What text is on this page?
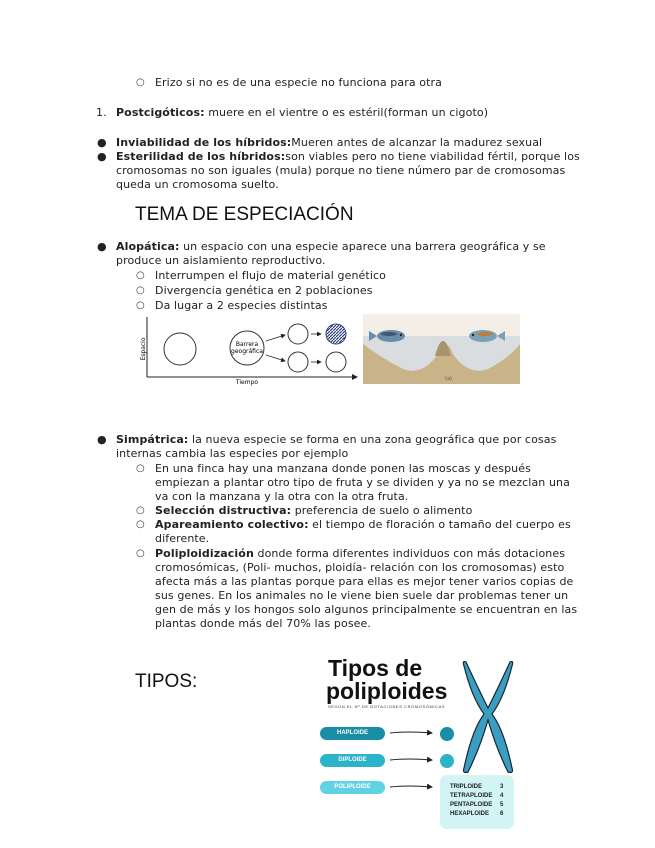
○ Erizo si no es de una especie no funciona para otra
1. Postcigóticos: muere en el vientre o es estéril(forman un cigoto)
● Inviabilidad de los híbridos:Mueren antes de alcanzar la madurez sexual
● Esterilidad de los híbridos:son viables pero no tiene viabilidad fértil, porque los
cromosomas no son iguales (mula) porque no tiene número par de cromosomas
queda un cromosoma suelto.
TEMA DE ESPECIACIÓN
● Alopática: un espacio con una especie aparece una barrera geográfica y se
produce un aislamiento reproductivo.
○ Interrumpen el flujo de material genético
○ Divergencia genética en 2 poblaciones
○ Da lugar a 2 especies distintas
Espacio
Tiempo
Barrera
geográfica
(a)
● Simpátrica: la nueva especie se forma en una zona geográfica que por cosas
internas cambia las especies por ejemplo
○ En una finca hay una manzana donde ponen las moscas y después
empiezan a plantar otro tipo de fruta y se dividen y ya no se mezclan una
va con la manzana y la otra con la otra fruta.
○ Selección distructiva: preferencia de suelo o alimento
○ Apareamiento colectivo: el tiempo de floración o tamaño del cuerpo es
diferente.
○ Poliploidización donde forma diferentes individuos con más dotaciones
cromosómicas, (Poli- muchos, ploidía- relación con los cromosomas) esto
afecta más a las plantas porque para ellas es mejor tener varios copias de
sus genes. En los animales no le viene bien suele dar problemas tener un
gen de más y los hongos solo algunos principalmente se encuentran en las
plantas donde más del 70% las posee.
TIPOS:
Tipos de
poliploides
SEGÚN EL Nº DE DOTACIONES CROMOSÓMICAS
HAPLOIDE
DIPLOIDE
POLIPLOIDE	TRIPLOIDE
TETRAPLOIDE
PENTAPLOIDE
HEXAPLOIDE
3
4
5
6
